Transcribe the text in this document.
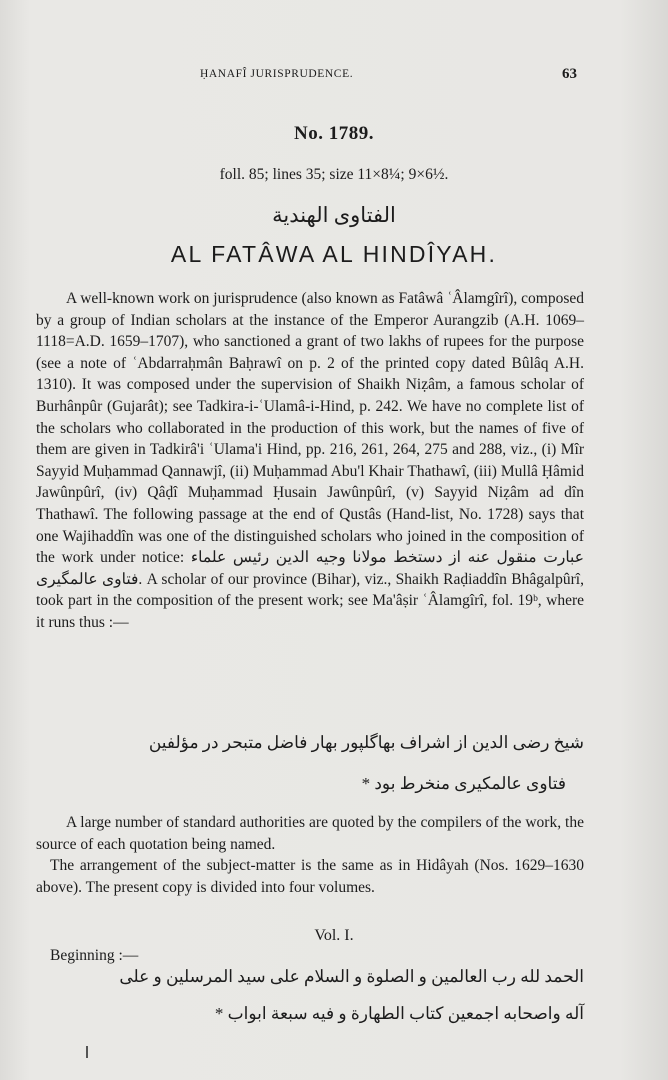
ḤANAFÎ JURISPRUDENCE.	63
No. 1789.
foll. 85; lines 35; size 11×8¼; 9×6½.
الفتاوى الهندية
AL FATÂWA AL HINDÎYAH.
A well-known work on jurisprudence (also known as Fatâwâ ʿÂlamgîrî), composed by a group of Indian scholars at the instance of the Emperor Aurangzib (A.H. 1069–1118=A.D. 1659–1707), who sanctioned a grant of two lakhs of rupees for the purpose (see a note of ʿAbdarraḥmân Baḥrawî on p. 2 of the printed copy dated Bûlâq A.H. 1310). It was composed under the supervision of Shaikh Niẓâm, a famous scholar of Burhânpûr (Gujarât); see Tadkira-i-ʿUlamâ-i-Hind, p. 242. We have no complete list of the scholars who collaborated in the production of this work, but the names of five of them are given in Tadkirâ'i ʿUlama'i Hind, pp. 216, 261, 264, 275 and 288, viz., (i) Mîr Sayyid Muḥammad Qannawjî, (ii) Muḥammad Abu'l Khair Thathawî, (iii) Mullâ Ḥâmid Jawûnpûrî, (iv) Qâḍî Muḥammad Ḥusain Jawûnpûrî, (v) Sayyid Niẓâm ad dîn Thathawî. The following passage at the end of Qustâs (Hand-list, No. 1728) says that one Wajihaddîn was one of the distinguished scholars who joined in the composition of the work under notice: عبارت منقول عنه از دستخط مولانا وجیه الدین رئیس علماء فتاوی عالمگیری. A scholar of our province (Bihar), viz., Shaikh Raḍiaddîn Bhâgalpûrî, took part in the composition of the present work; see Ma'âṣir ʿÂlamgîrî, fol. 19ᵇ, where it runs thus :—
شیخ رضی الدین از اشراف بهاگلپور بهار فاضل متبحر در مؤلفین
فتاوی عالمکیری منخرط بود *
A large number of standard authorities are quoted by the compilers of the work, the source of each quotation being named.
The arrangement of the subject-matter is the same as in Hidâyah (Nos. 1629–1630 above). The present copy is divided into four volumes.
Vol. I.
Beginning :—
الحمد لله رب العالمين و الصلوة و السلام على سيد المرسلين و على
آله واصحابه اجمعين كتاب الطهارة و فيه سبعة ابواب *
